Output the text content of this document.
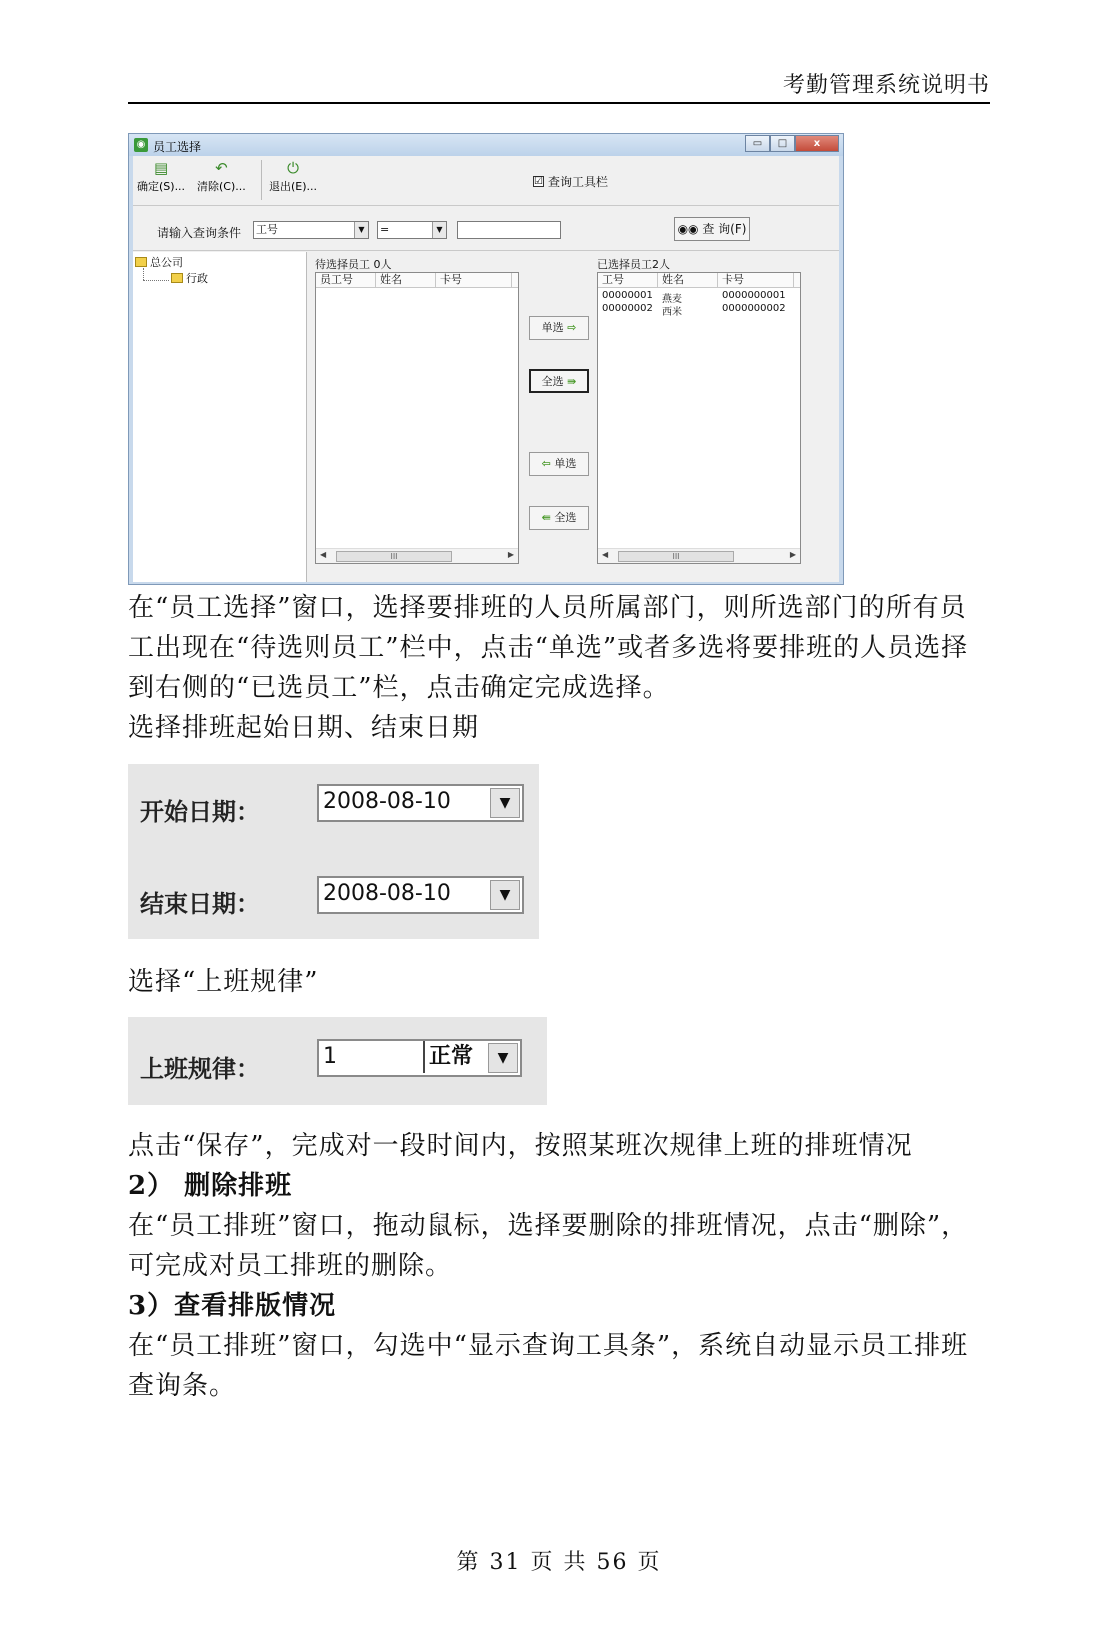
考勤管理系统说明书
◉ 员工选择	▭	□	x
▤
确定(S)...
↶
清除(C)...
⏻
退出(E)...	☑ 查询工具栏
请输入查询条件 工号	▼	=	▼	◉◉ 查 询(F)
总公司
行政
待选择员工 0人
员工号	姓名	卡号
◀	III	▶
单选 ⇨
全选 ⇛
⇦ 单选
⇚ 全选
已选择员工2人
工号	姓名	卡号
00000001 燕麦	0000000001
00000002 西米	0000000002
◀	III	▶
在“员工选择”窗口，选择要排班的人员所属部门，则所选部门的所有员工出现在“待选则员工”栏中，点击“单选”或者多选将要排班的人员选择到右侧的“已选员工”栏，点击确定完成选择。
选择排班起始日期、结束日期
开始日期：	2008-08-10	▼
结束日期：	2008-08-10	▼
选择“上班规律”
上班规律：	1	正常	▼
点击“保存”，完成对一段时间内，按照某班次规律上班的排班情况
2） 删除排班
在“员工排班”窗口，拖动鼠标，选择要删除的排班情况，点击“删除”，可完成对员工排班的删除。
3）查看排版情况
在“员工排班”窗口，勾选中“显示查询工具条”，系统自动显示员工排班查询条。
第 31 页 共 56 页
